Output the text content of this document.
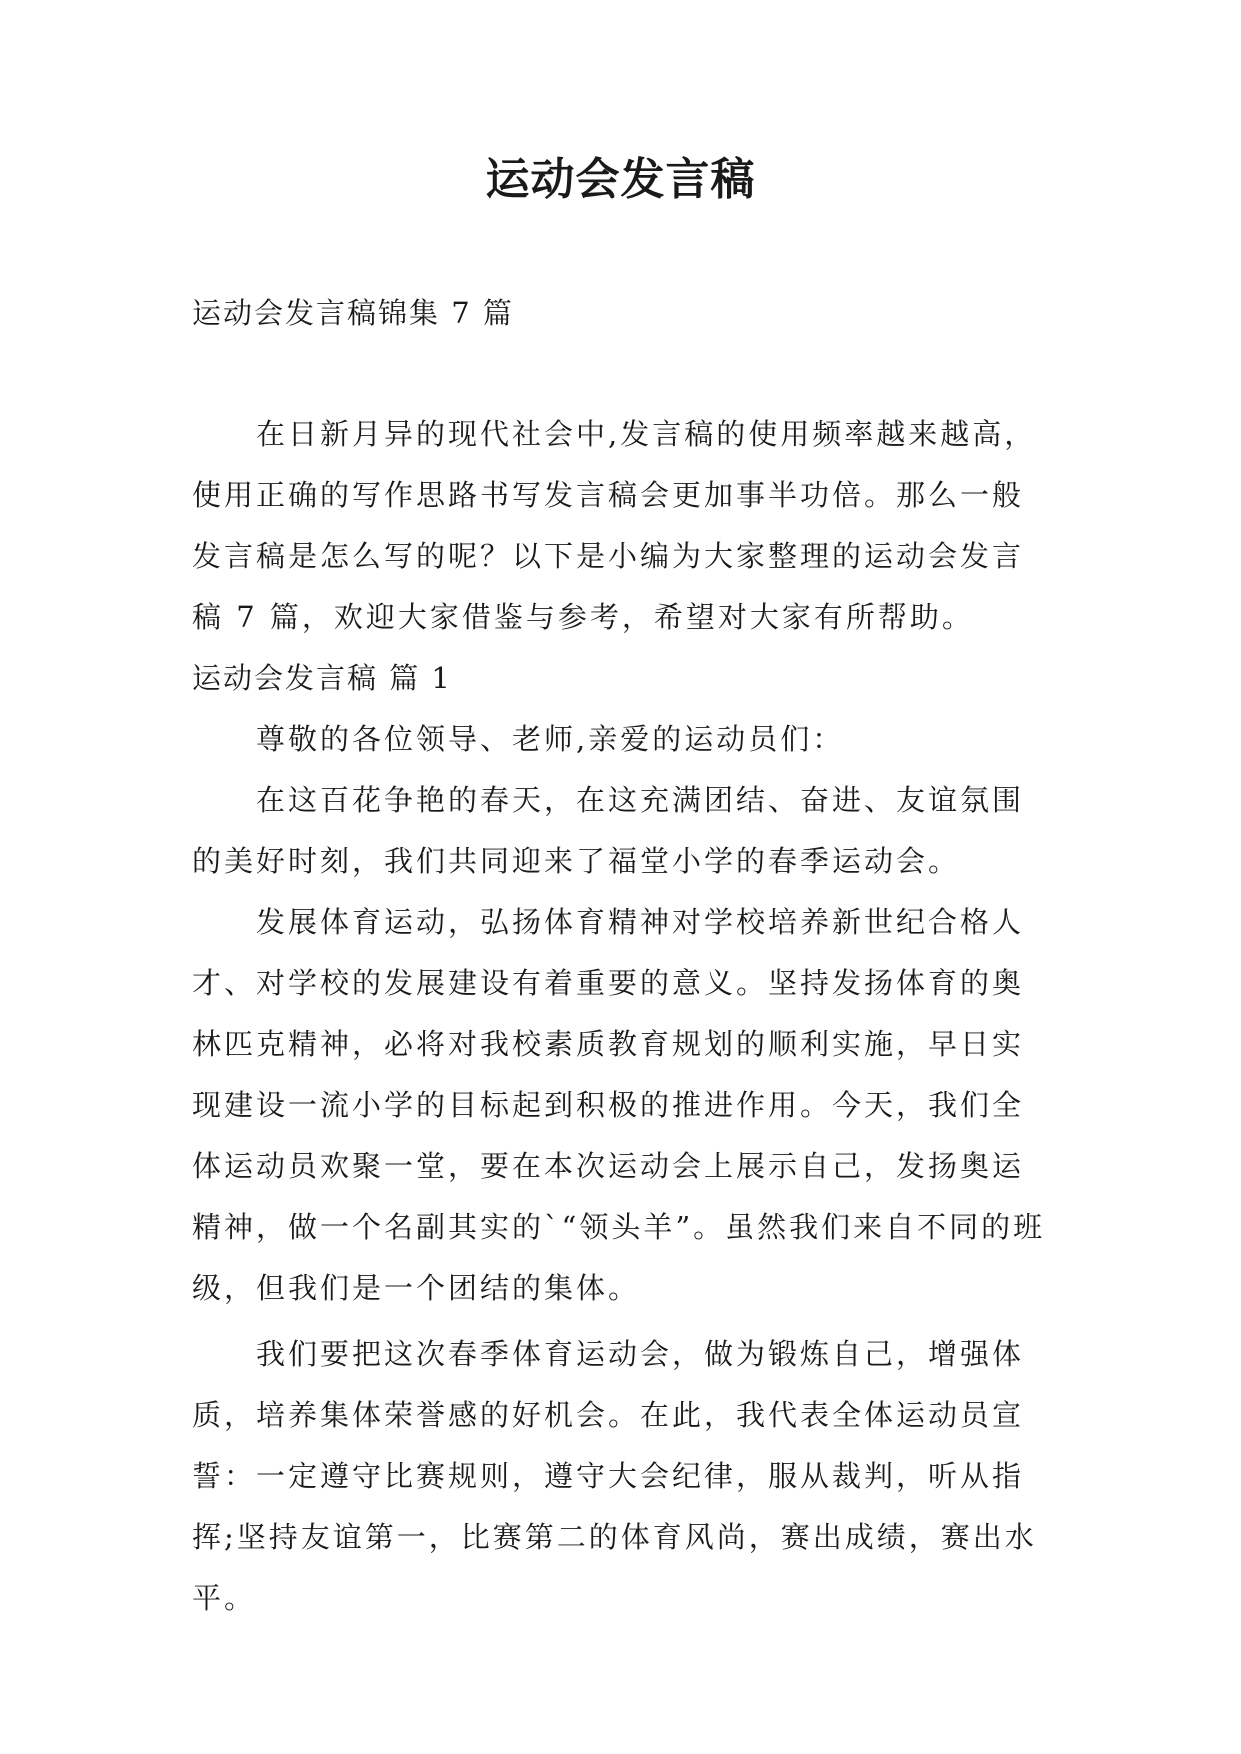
运动会发言稿
运动会发言稿锦集 7 篇

在日新月异的现代社会中,发言稿的使用频率越来越高，使用正确的写作思路书写发言稿会更加事半功倍。那么一般发言稿是怎么写的呢？以下是小编为大家整理的运动会发言稿 7 篇，欢迎大家借鉴与参考，希望对大家有所帮助。

运动会发言稿 篇 1

尊敬的各位领导、老师,亲爱的运动员们：

在这百花争艳的春天，在这充满团结、奋进、友谊氛围的美好时刻，我们共同迎来了福堂小学的春季运动会。

发展体育运动，弘扬体育精神对学校培养新世纪合格人才、对学校的发展建设有着重要的意义。坚持发扬体育的奥林匹克精神，必将对我校素质教育规划的顺利实施，早日实现建设一流小学的目标起到积极的推进作用。今天，我们全体运动员欢聚一堂，要在本次运动会上展示自己，发扬奥运精神，做一个名副其实的`“领头羊”。虽然我们来自不同的班级，但我们是一个团结的集体。

我们要把这次春季体育运动会，做为锻炼自己，增强体质，培养集体荣誉感的好机会。在此，我代表全体运动员宣誓：一定遵守比赛规则，遵守大会纪律，服从裁判，听从指挥;坚持友谊第一，比赛第二的体育风尚，赛出成绩，赛出水平。
